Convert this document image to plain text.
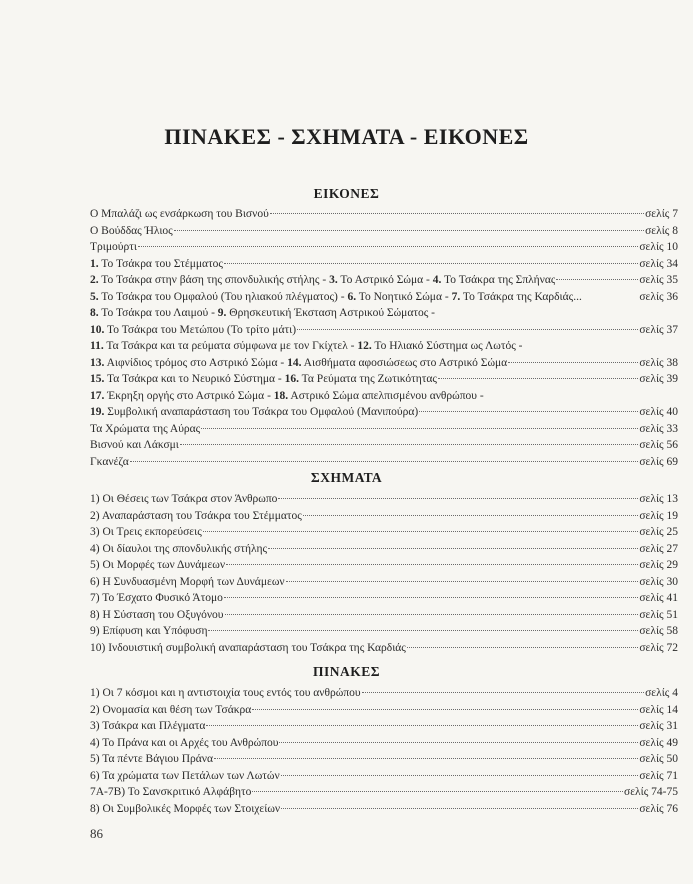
ΠΙΝΑΚΕΣ - ΣΧΗΜΑΤΑ - ΕΙΚΟΝΕΣ
ΕΙΚΟΝΕΣ
Ο Μπαλάζι ως ενσάρκωση του Βισνού	σελίς 7
Ο Βούδδας Ήλιος	σελίς 8
Τριμούρτι	σελίς 10
1. Το Τσάκρα του Στέμματος	σελίς 34
2. Το Τσάκρα στην βάση της σπονδυλικής στήλης - 3. Το Αστρικό Σώμα - 4. Το Τσάκρα της Σπλήνας	σελίς 35
5. Το Τσάκρα του Ομφαλού (Του ηλιακού πλέγματος) - 6. Το Νοητικό Σώμα - 7. Το Τσάκρα της Καρδιάς...	σελίς 36
8. Το Τσάκρα του Λαιμού - 9. Θρησκευτική Έκσταση Αστρικού Σώματος -
10. Το Τσάκρα του Μετώπου (Το τρίτο μάτι)	σελίς 37
11. Τα Τσάκρα και τα ρεύματα σύμφωνα με τον Γκίχτελ - 12. Το Ηλιακό Σύστημα ως Λωτός -
13. Αιφνίδιος τρόμος στο Αστρικό Σώμα - 14. Αισθήματα αφοσιώσεως στο Αστρικό Σώμα	σελίς 38
15. Τα Τσάκρα και το Νευρικό Σύστημα - 16. Τα Ρεύματα της Ζωτικότητας	σελίς 39
17. Έκρηξη οργής στο Αστρικό Σώμα - 18. Αστρικό Σώμα απελπισμένου ανθρώπου -
19. Συμβολική αναπαράσταση του Τσάκρα του Ομφαλού (Μανιπούρα)	σελίς 40
Τα Χρώματα της Αύρας	σελίς 33
Βισνού και Λάκσμι	σελίς 56
Γκανέζα	σελίς 69
ΣΧΗΜΑΤΑ
1) Οι Θέσεις των Τσάκρα στον Άνθρωπο	σελίς 13
2) Αναπαράσταση του Τσάκρα του Στέμματος	σελίς 19
3) Οι Τρεις εκπορεύσεις	σελίς 25
4) Οι δίαυλοι της σπονδυλικής στήλης	σελίς 27
5) Οι Μορφές των Δυνάμεων	σελίς 29
6) Η Συνδυασμένη Μορφή των Δυνάμεων	σελίς 30
7) Το Έσχατο Φυσικό Άτομο	σελίς 41
8) Η Σύσταση του Οξυγόνου	σελίς 51
9) Επίφυση και Υπόφυση	σελίς 58
10) Ινδουιστική συμβολική αναπαράσταση του Τσάκρα της Καρδιάς	σελίς 72
ΠΙΝΑΚΕΣ
1) Οι 7 κόσμοι και η αντιστοιχία τους εντός του ανθρώπου	σελίς 4
2) Ονομασία και θέση των Τσάκρα	σελίς 14
3) Τσάκρα και Πλέγματα	σελίς 31
4) Το Πράνα και οι Αρχές του Ανθρώπου	σελίς 49
5) Τα πέντε Βάγιου Πράνα	σελίς 50
6) Τα χρώματα των Πετάλων των Λωτών	σελίς 71
7Α-7Β) Το Σανσκριτικό Αλφάβητο	σελίς 74-75
8) Οι Συμβολικές Μορφές των Στοιχείων	σελίς 76
86
